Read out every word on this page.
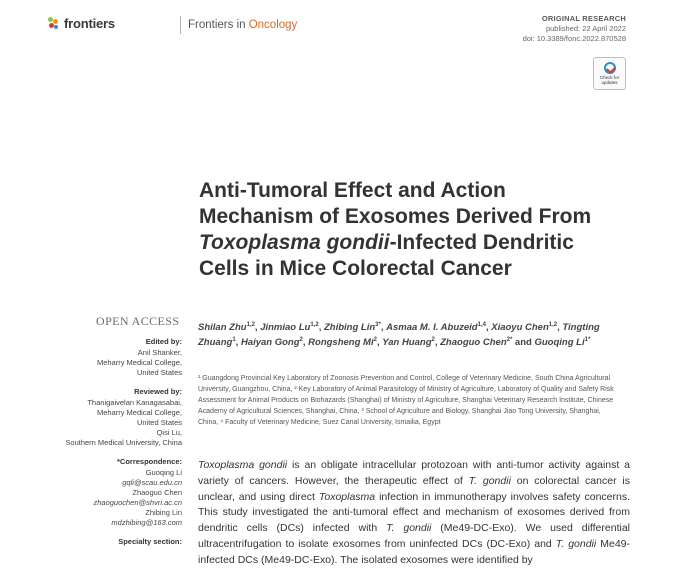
frontiers	Frontiers in Oncology
ORIGINAL RESEARCH
published: 22 April 2022
doi: 10.3389/fonc.2022.870528
Check for
updates
Anti-Tumoral Effect and Action Mechanism of Exosomes Derived From Toxoplasma gondii-Infected Dendritic Cells in Mice Colorectal Cancer
OPEN ACCESS
Edited by:
Anil Shanker,
Meharry Medical College,
United States
Reviewed by:
Thanigaivelan Kanagasabai,
Meharry Medical College,
United States
Qisi Lu,
Southern Medical University, China
*Correspondence:
Guoqing Li
gqli@scau.edu.cn
Zhaoguo Chen
zhaoguochen@shvri.ac.cn
Zhibing Lin
mdzhibing@163.com
Specialty section:
Shilan Zhu$^{1,2}$, Jinmiao Lu$^{1,2}$, Zhibing Lin$^{3*}$, Asmaa M. I. Abuzeid$^{1,4}$, Xiaoyu Chen$^{1,2}$, Tingting Zhuang$^1$, Haiyan Gong$^2$, Rongsheng Mi$^2$, Yan Huang$^2$, Zhaoguo Chen$^{2*}$ and Guoqing $Li^{1*}$
¹ Guangdong Provincial Key Laboratory of Zoonosis Prevention and Control, College of Veterinary Medicine, South China Agricultural University, Guangzhou, China, ² Key Laboratory of Animal Parasitology of Ministry of Agriculture, Laboratory of Quality and Safety Risk Assessment for Animal Products on Biohazards (Shanghai) of Ministry of Agriculture, Shanghai Veterinary Research Institute, Chinese Academy of Agricultural Sciences, Shanghai, China, ³ School of Agriculture and Biology, Shanghai Jiao Tong University, Shanghai, China, ⁴ Faculty of Veterinary Medicine, Suez Canal University, Ismailia, Egypt
Toxoplasma gondii is an obligate intracellular protozoan with anti-tumor activity against a variety of cancers. However, the therapeutic effect of T. gondii on colorectal cancer is unclear, and using direct Toxoplasma infection in immunotherapy involves safety concerns. This study investigated the anti-tumoral effect and mechanism of exosomes derived from dendritic cells (DCs) infected with T. gondii (Me49-DC-Exo). We used differential ultracentrifugation to isolate exosomes from uninfected DCs (DC-Exo) and T. gondii Me49-infected DCs (Me49-DC-Exo). The isolated exosomes were identified by
